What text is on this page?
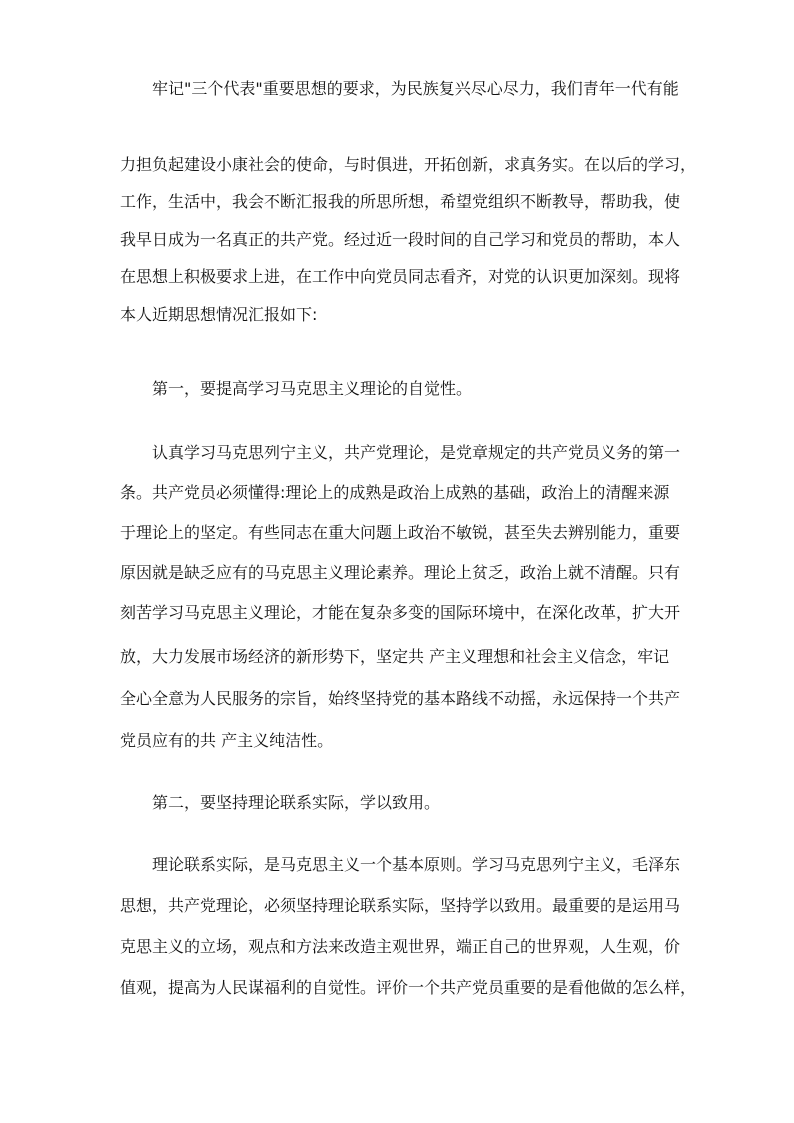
牢记"三个代表"重要思想的要求，为民族复兴尽心尽力，我们青年一代有能
力担负起建设小康社会的使命，与时俱进，开拓创新，求真务实。在以后的学习，
工作，生活中，我会不断汇报我的所思所想，希望党组织不断教导，帮助我，使
我早日成为一名真正的共产党。经过近一段时间的自己学习和党员的帮助，本人
在思想上积极要求上进，在工作中向党员同志看齐，对党的认识更加深刻。现将
本人近期思想情况汇报如下:
第一，要提高学习马克思主义理论的自觉性。
认真学习马克思列宁主义，共产党理论，是党章规定的共产党员义务的第一
条。共产党员必须懂得:理论上的成熟是政治上成熟的基础，政治上的清醒来源
于理论上的坚定。有些同志在重大问题上政治不敏锐，甚至失去辨别能力，重要
原因就是缺乏应有的马克思主义理论素养。理论上贫乏，政治上就不清醒。只有
刻苦学习马克思主义理论，才能在复杂多变的国际环境中，在深化改革，扩大开
放，大力发展市场经济的新形势下，坚定共 产主义理想和社会主义信念，牢记
全心全意为人民服务的宗旨，始终坚持党的基本路线不动摇，永远保持一个共产
党员应有的共 产主义纯洁性。
第二，要坚持理论联系实际，学以致用。
理论联系实际，是马克思主义一个基本原则。学习马克思列宁主义，毛泽东
思想，共产党理论，必须坚持理论联系实际，坚持学以致用。最重要的是运用马
克思主义的立场，观点和方法来改造主观世界，端正自己的世界观，人生观，价
值观，提高为人民谋福利的自觉性。评价一个共产党员重要的是看他做的怎么样，
